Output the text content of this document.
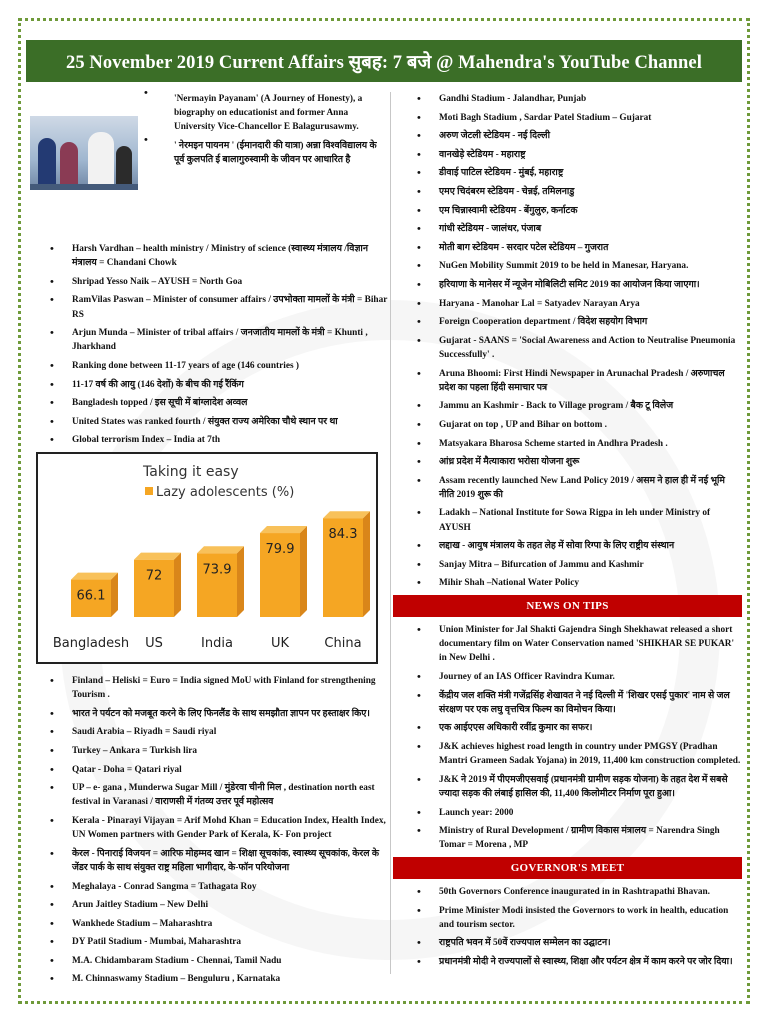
25 November 2019 Current Affairs सुबह: 7 बजे @ Mahendra's YouTube Channel
• 'Nermayin Payanam' (A Journey of Honesty), a biography on educationist and former Anna University Vice-Chancellor E Balagurusawmy.
• ' नेरमइन पायनम ' (ईमानदारी की यात्रा) अन्ना विश्वविद्यालय के पूर्व कुलपति ई बालागुरुस्वामी के जीवन पर आधारित है
• Harsh Vardhan – health ministry / Ministry of science (स्वास्थ्य मंत्रालय /विज्ञान मंत्रालय = Chandani Chowk
• Shripad Yesso Naik – AYUSH = North Goa
• RamVilas Paswan – Minister of consumer affairs / उपभोक्ता मामलों के मंत्री = Bihar RS
• Arjun Munda – Minister of tribal affairs / जनजातीय मामलों के मंत्री = Khunti , Jharkhand
• Ranking done between 11-17 years of age (146 countries )
• 11-17 वर्ष की आयु (146 देशों) के बीच की गई रैंकिंग
• Bangladesh topped / इस सूची में बांग्लादेश अव्वल
• United States was ranked fourth / संयुक्त राज्य अमेरिका चौथे स्थान पर था
• Global terrorism Index – India at 7th
Taking it easy
Lazy adolescents (%)
66.1
Bangladesh
72
US
73.9
India
79.9
UK
84.3
China
• Finland – Heliski = Euro = India signed MoU with Finland for strengthening Tourism .
• भारत ने पर्यटन को मजबूत करने के लिए फिनलैंड के साथ समझौता ज्ञापन पर हस्ताक्षर किए।
• Saudi Arabia – Riyadh = Saudi riyal
• Turkey – Ankara = Turkish lira
• Qatar - Doha = Qatari riyal
• UP – e- gana , Munderwa Sugar Mill / मुंडेरवा चीनी मिल , destination north east festival in Varanasi / वाराणसी में गंतव्य उत्तर पूर्व महोत्सव
• Kerala - Pinarayi Vijayan = Arif Mohd Khan = Education Index, Health Index, UN Women partners with Gender Park of Kerala, K- Fon project
• केरल - पिनाराई विजयन = आरिफ मोहम्मद खान = शिक्षा सूचकांक, स्वास्थ्य सूचकांक, केरल के जेंडर पार्क के साथ संयुक्त राष्ट्र महिला भागीदार, के-फॉन परियोजना
• Meghalaya - Conrad Sangma = Tathagata Roy
• Arun Jaitley Stadium – New Delhi
• Wankhede Stadium – Maharashtra
• DY Patil Stadium - Mumbai, Maharashtra
• M.A. Chidambaram Stadium - Chennai, Tamil Nadu
• M. Chinnaswamy Stadium – Benguluru , Karnataka
• Gandhi Stadium - Jalandhar, Punjab
• Moti Bagh Stadium , Sardar Patel Stadium – Gujarat
• अरुण जेटली स्टेडियम - नई दिल्ली
• वानखेड़े स्टेडियम - महाराष्ट्र
• डीवाई पाटिल स्टेडियम - मुंबई, महाराष्ट्र
• एमए चिदंबरम स्टेडियम - चेन्नई, तमिलनाडु
• एम चिन्नास्वामी स्टेडियम - बेंगुलुरु, कर्नाटक
• गांधी स्टेडियम - जालंधर, पंजाब
• मोती बाग स्टेडियम - सरदार पटेल स्टेडियम – गुजरात
• NuGen Mobility Summit 2019 to be held in Manesar, Haryana.
• हरियाणा के मानेसर में न्यूजेन मोबिलिटी समिट 2019 का आयोजन किया जाएगा।
• Haryana - Manohar Lal = Satyadev Narayan Arya
• Foreign Cooperation department / विदेश सहयोग विभाग
• Gujarat - SAANS = 'Social Awareness and Action to Neutralise Pneumonia Successfully' .
• Aruna Bhoomi: First Hindi Newspaper in Arunachal Pradesh / अरुणाचल प्रदेश का पहला हिंदी समाचार पत्र
• Jammu an Kashmir - Back to Village program / बैक टू विलेज
• Gujarat on top , UP and Bihar on bottom .
• Matsyakara Bharosa Scheme started in Andhra Pradesh .
• आंध्र प्रदेश में मैत्याकारा भरोसा योजना शुरू
• Assam recently launched New Land Policy 2019 / असम ने हाल ही में नई भूमि नीति 2019 शुरू की
• Ladakh – National Institute for Sowa Rigpa in leh under Ministry of AYUSH
• लद्दाख - आयुष मंत्रालय के तहत लेह में सोवा रिग्पा के लिए राष्ट्रीय संस्थान
• Sanjay Mitra – Bifurcation of Jammu and Kashmir
• Mihir Shah –National Water Policy
NEWS ON TIPS
• Union Minister for Jal Shakti Gajendra Singh Shekhawat released a short documentary film on Water Conservation named 'SHIKHAR SE PUKAR' in New Delhi .
• Journey of an IAS Officer Ravindra Kumar.
• केंद्रीय जल शक्ति मंत्री गजेंद्रसिंह शेखावत ने नई दिल्ली में 'शिखर एसई पुकार' नाम से जल संरक्षण पर एक लघु वृत्तचित्र फिल्म का विमोचन किया।
• एक आईएएस अधिकारी रवींद्र कुमार का सफर।
• J&K achieves highest road length in country under PMGSY (Pradhan Mantri Grameen Sadak Yojana) in 2019, 11,400 km construction completed.
• J&K ने 2019 में पीएमजीएसवाई (प्रधानमंत्री ग्रामीण सड़क योजना) के तहत देश में सबसे ज्यादा सड़क की लंबाई हासिल की, 11,400 किलोमीटर निर्माण पूरा हुआ।
• Launch year: 2000
• Ministry of Rural Development / ग्रामीण विकास मंत्रालय = Narendra Singh Tomar = Morena , MP
GOVERNOR'S MEET
• 50th Governors Conference inaugurated in in Rashtrapathi Bhavan.
• Prime Minister Modi insisted the Governors to work in health, education and tourism sector.
• राष्ट्रपति भवन में 50वें राज्यपाल सम्मेलन का उद्घाटन।
• प्रधानमंत्री मोदी ने राज्यपालों से स्वास्थ्य, शिक्षा और पर्यटन क्षेत्र में काम करने पर जोर दिया।
